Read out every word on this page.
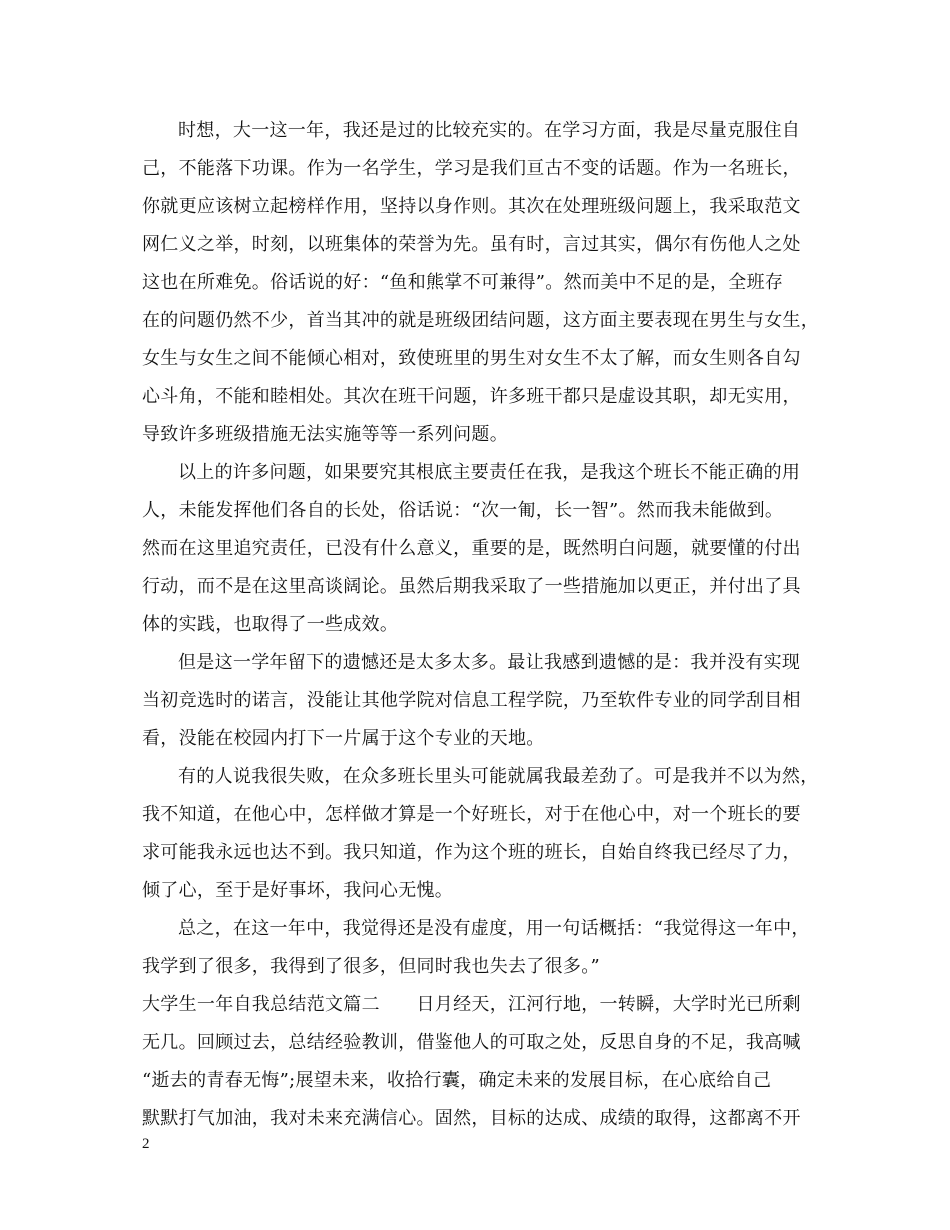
时想，大一这一年，我还是过的比较充实的。在学习方面，我是尽量克服住自
己，不能落下功课。作为一名学生，学习是我们亘古不变的话题。作为一名班长，
你就更应该树立起榜样作用，坚持以身作则。其次在处理班级问题上，我采取范文
网仁义之举，时刻，以班集体的荣誉为先。虽有时，言过其实，偶尔有伤他人之处
这也在所难免。俗话说的好：“鱼和熊掌不可兼得”。然而美中不足的是，全班存
在的问题仍然不少，首当其冲的就是班级团结问题，这方面主要表现在男生与女生，
女生与女生之间不能倾心相对，致使班里的男生对女生不太了解，而女生则各自勾
心斗角，不能和睦相处。其次在班干问题，许多班干都只是虚设其职，却无实用，
导致许多班级措施无法实施等等一系列问题。
以上的许多问题，如果要究其根底主要责任在我，是我这个班长不能正确的用
人，未能发挥他们各自的长处，俗话说：“次一匍，长一智”。然而我未能做到。
然而在这里追究责任，已没有什么意义，重要的是，既然明白问题，就要懂的付出
行动，而不是在这里高谈阔论。虽然后期我采取了一些措施加以更正，并付出了具
体的实践，也取得了一些成效。
但是这一学年留下的遗憾还是太多太多。最让我感到遗憾的是：我并没有实现
当初竞选时的诺言，没能让其他学院对信息工程学院，乃至软件专业的同学刮目相
看，没能在校园内打下一片属于这个专业的天地。
有的人说我很失败，在众多班长里头可能就属我最差劲了。可是我并不以为然，
我不知道，在他心中，怎样做才算是一个好班长，对于在他心中，对一个班长的要
求可能我永远也达不到。我只知道，作为这个班的班长，自始自终我已经尽了力，
倾了心，至于是好事坏，我问心无愧。
总之，在这一年中，我觉得还是没有虚度，用一句话概括：“我觉得这一年中，
我学到了很多，我得到了很多，但同时我也失去了很多。”
大学生一年自我总结范文篇二　　日月经天，江河行地，一转瞬，大学时光已所剩
无几。回顾过去，总结经验教训，借鉴他人的可取之处，反思自身的不足，我高喊
“逝去的青春无悔”;展望未来，收拾行囊，确定未来的发展目标，在心底给自己
默默打气加油，我对未来充满信心。固然，目标的达成、成绩的取得，这都离不开
2
